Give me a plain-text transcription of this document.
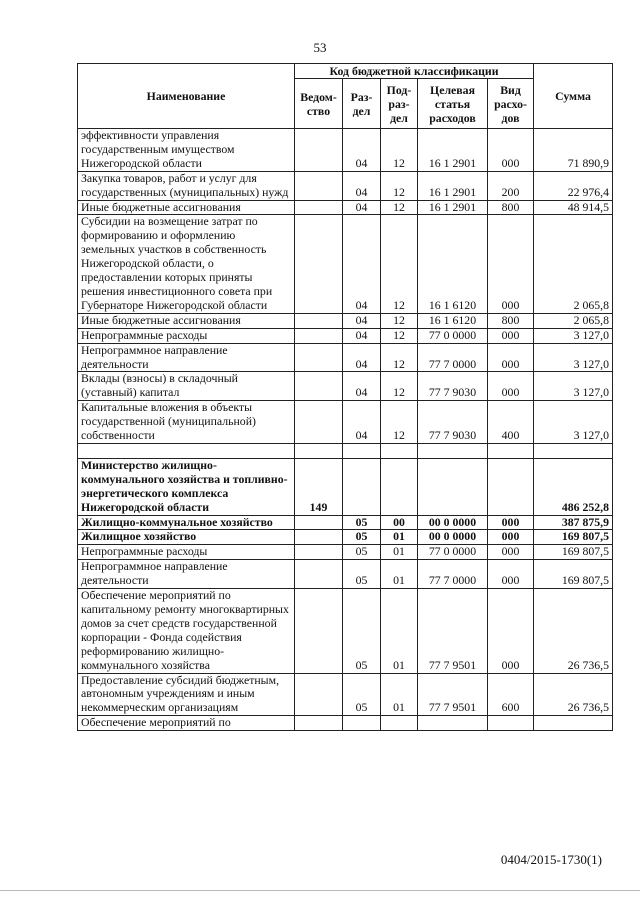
53
Наименование	Код бюджетной классификации					Сумма
	Ведом-ство	Раз-дел	Под-раз-дел	Целевая статья расходов	Вид расхо-дов	
эффективности управления государственным имуществом Нижегородской области		04	12	16 1 2901	000	71 890,9
Закупка товаров, работ и услуг для государственных (муниципальных) нужд		04	12	16 1 2901	200	22 976,4
Иные бюджетные ассигнования		04	12	16 1 2901	800	48 914,5
Субсидии на возмещение затрат по формированию и оформлению земельных участков в собственность Нижегородской области, о предоставлении которых приняты решения инвестиционного совета при Губернаторе Нижегородской области		04	12	16 1 6120	000	2 065,8
Иные бюджетные ассигнования		04	12	16 1 6120	800	2 065,8
Непрограммные расходы		04	12	77 0 0000	000	3 127,0
Непрограммное направление деятельности		04	12	77 7 0000	000	3 127,0
Вклады (взносы) в складочный (уставный) капитал		04	12	77 7 9030	000	3 127,0
Капитальные вложения в объекты государственной (муниципальной) собственности		04	12	77 7 9030	400	3 127,0

Министерство жилищно-коммунального хозяйства и топливно-энергетического комплекса Нижегородской области	149					486 252,8
Жилищно-коммунальное хозяйство		05	00	00 0 0000	000	387 875,9
Жилищное хозяйство		05	01	00 0 0000	000	169 807,5
Непрограммные расходы		05	01	77 0 0000	000	169 807,5
Непрограммное направление деятельности		05	01	77 7 0000	000	169 807,5
Обеспечение мероприятий по капитальному ремонту многоквартирных домов за счет средств государственной корпорации - Фонда содействия реформированию жилищно-коммунального хозяйства		05	01	77 7 9501	000	26 736,5
Предоставление субсидий бюджетным, автономным учреждениям и иным некоммерческим организациям		05	01	77 7 9501	600	26 736,5
Обеспечение мероприятий по						
0404/2015-1730(1)
